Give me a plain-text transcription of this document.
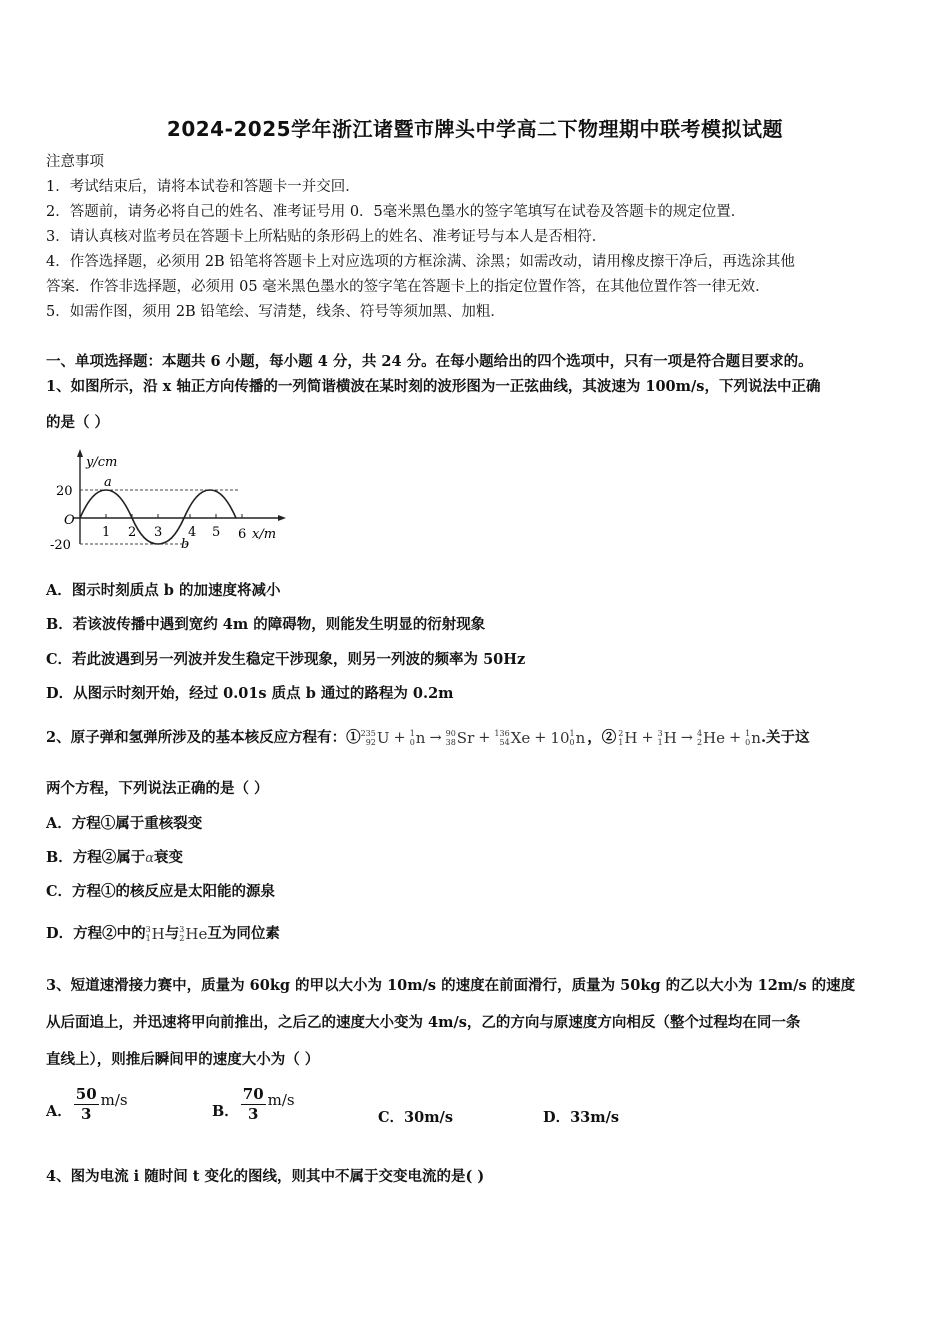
2024-2025学年浙江诸暨市牌头中学高二下物理期中联考模拟试题
注意事项
1．考试结束后，请将本试卷和答题卡一并交回．
2．答题前，请务必将自己的姓名、准考证号用 0．5毫米黑色墨水的签字笔填写在试卷及答题卡的规定位置．
3．请认真核对监考员在答题卡上所粘贴的条形码上的姓名、准考证号与本人是否相符．
4．作答选择题，必须用 2B 铅笔将答题卡上对应选项的方框涂满、涂黑；如需改动，请用橡皮擦干净后，再选涂其他
答案．作答非选择题，必须用 05 毫米黑色墨水的签字笔在答题卡上的指定位置作答，在其他位置作答一律无效．
5．如需作图，须用 2B 铅笔绘、写清楚，线条、符号等须加黑、加粗．
一、单项选择题：本题共 6 小题，每小题 4 分，共 24 分。在每小题给出的四个选项中，只有一项是符合题目要求的。
1、如图所示，沿 x 轴正方向传播的一列简谐横波在某时刻的波形图为一正弦曲线，其波速为 100m/s，下列说法中正确
的是（ ）
y/cm
20
-20
O
a
b
1 2 3 4 5 6 x/m
A．图示时刻质点 b 的加速度将减小
B．若该波传播中遇到宽约 4m 的障碍物，则能发生明显的衍射现象
C．若此波遇到另一列波并发生稳定干涉现象，则另一列波的频率为 50Hz
D．从图示时刻开始，经过 0.01s 质点 b 通过的路程为 0.2m
2、原子弹和氢弹所涉及的基本核反应方程有：① 235
92 U + 1
0 n → 90
38 Sr + 136
54 Xe + 10 1
0 n ，② 2
1 H + 3
1 H → 4
2 He + 1
0 n .关于这
两个方程，下列说法正确的是（ ）
A．方程①属于重核裂变
B．方程②属于α衰变
C．方程①的核反应是太阳能的源泉
D．方程②中的 3
1 H 与 3
2 He 互为同位素
3、短道速滑接力赛中，质量为 60kg 的甲以大小为 10m/s 的速度在前面滑行，质量为 50kg 的乙以大小为 12m/s 的速度
从后面追上，并迅速将甲向前推出，之后乙的速度大小变为 4m/s，乙的方向与原速度方向相反（整个过程均在同一条
直线上），则推后瞬间甲的速度大小为（ ）
A． $\frac{50}{3} m/s$
B． $\frac{70}{3} m/s$
C．30m/s	D．33m/s
4、图为电流 i 随时间 t 变化的图线，则其中不属于交变电流的是( )
